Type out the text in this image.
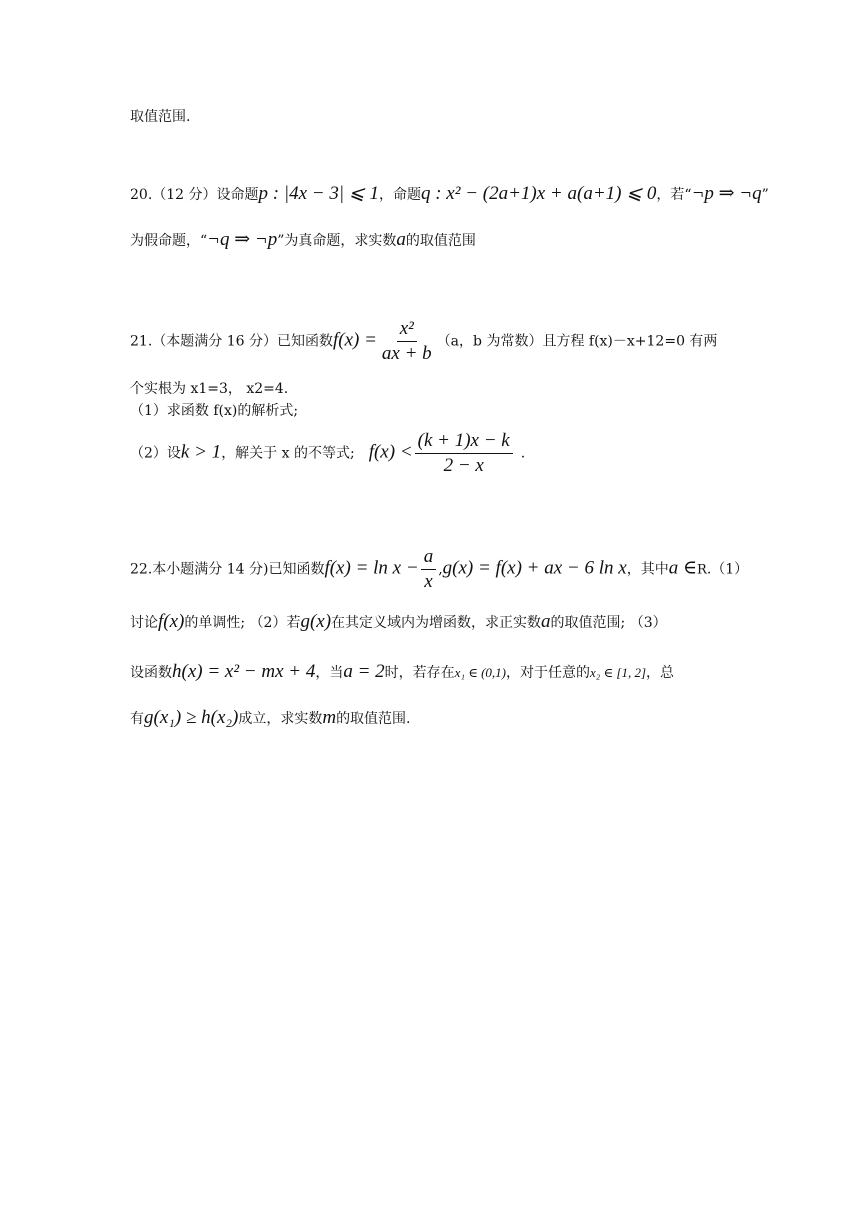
取值范围.
20.（12 分）设命题p : |4x − 3| ⩽ 1，命题q : x² − (2a+1)x + a(a+1) ⩽ 0，若“¬p ⇒ ¬q”
为假命题，“¬q ⇒ ¬p”为真命题，求实数a的取值范围
21.（本题满分 16 分）已知函数$f(x) = \frac{\text{x²}}{ax + b} (a$，b 为常数）且方程 f(x)－x+12=0 有两
个实根为 x1=3， x2=4.
（1）求函数 f(x)的解析式;
（2）设k > 1，解关于 x 的不等式; $f(x) < \frac{(k + 1)x - k}{2 - x}$ .
22.本小题满分 14 分)已知函数$f(x) = \ln x - \frac{a}{x} ,g(x) = f(x)$ + ax − 6 ln x，其中a ∈R.（1）
讨论f(x)的单调性; （2）若g(x)在其定义域内为增函数，求正实数a的取值范围; （3）
设函数h(x) = x² − mx + 4，当a = 2时，若存在x₁ ∈ (0,1)，对于任意的x₂ ∈ [1, 2]，总
有g(x₁) ≥ h(x₂)成立，求实数m的取值范围.
